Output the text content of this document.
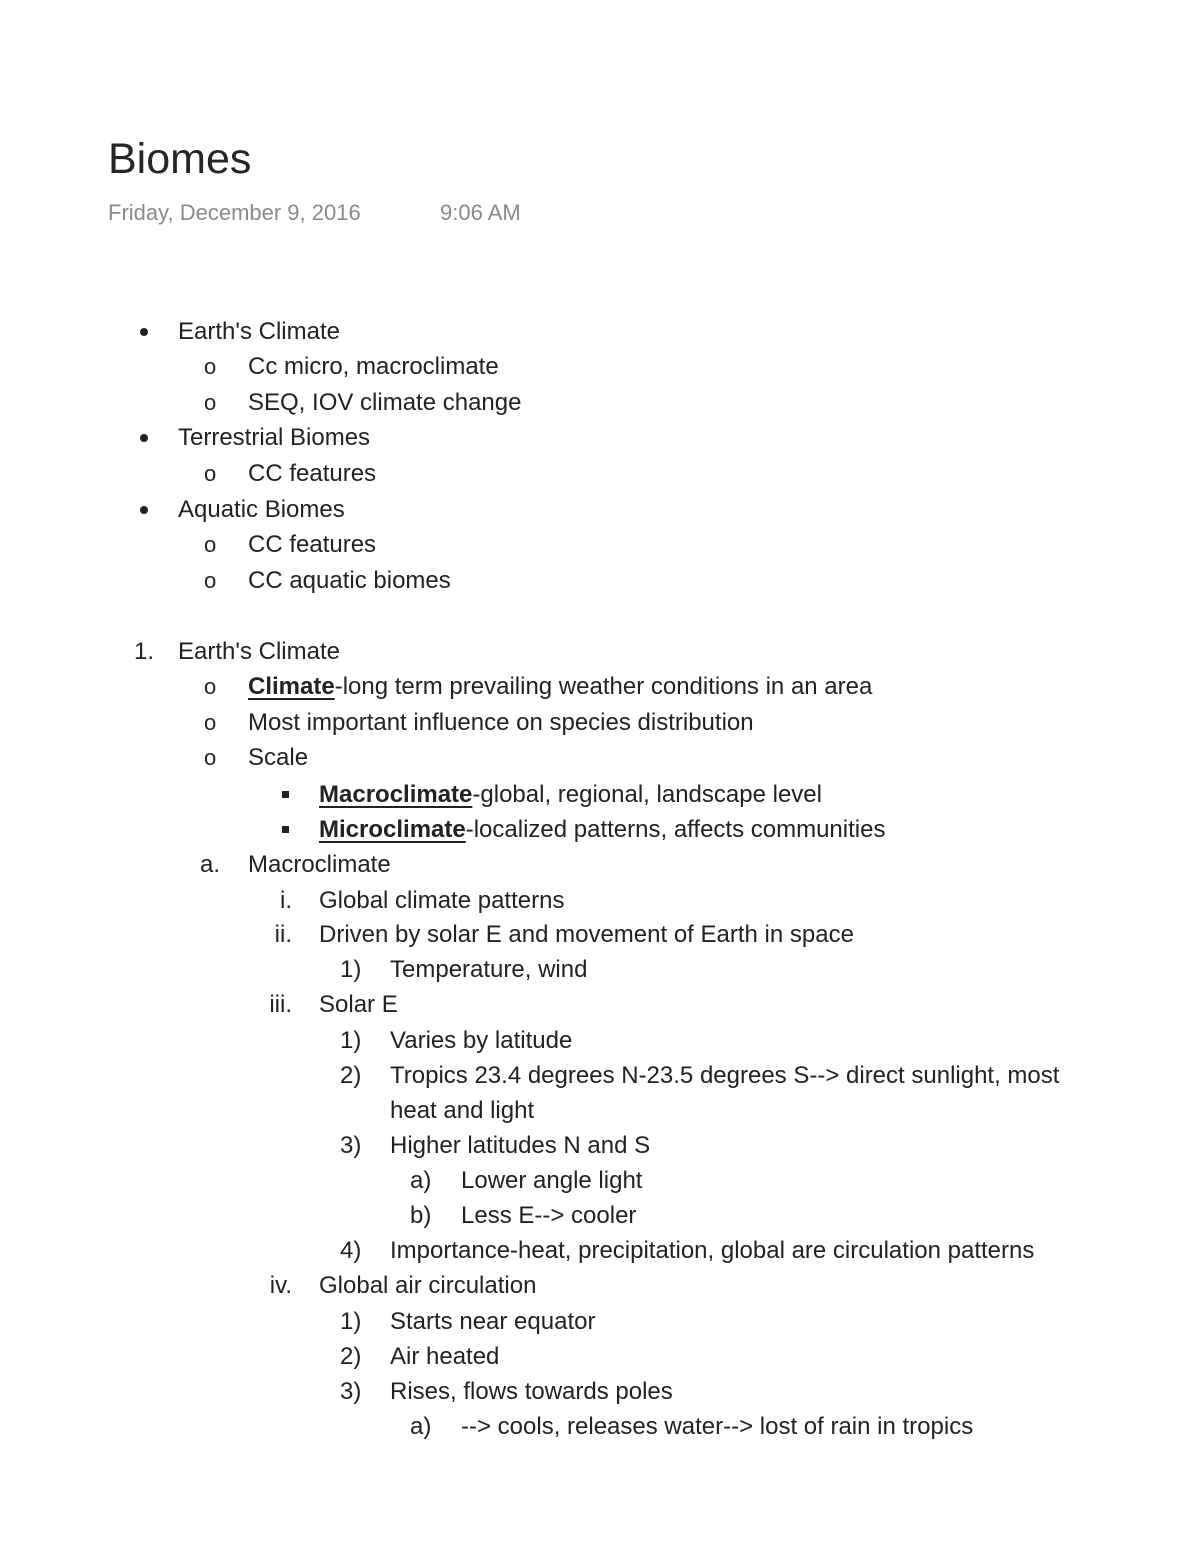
Biomes
Friday, December 9, 2016	9:06 AM
Earth's Climate
o Cc micro, macroclimate
o SEQ, IOV climate change
Terrestrial Biomes
o CC features
Aquatic Biomes
o CC features
o CC aquatic biomes
1. Earth's Climate
o Climate-long term prevailing weather conditions in an area
o Most important influence on species distribution
o Scale
Macroclimate-global, regional, landscape level
Microclimate-localized patterns, affects communities
a. Macroclimate
i. Global climate patterns
ii. Driven by solar E and movement of Earth in space
1) Temperature, wind
iii. Solar E
1) Varies by latitude
2) Tropics 23.4 degrees N-23.5 degrees S--> direct sunlight, most
heat and light
3) Higher latitudes N and S
a) Lower angle light
b) Less E--> cooler
4) Importance-heat, precipitation, global are circulation patterns
iv. Global air circulation
1) Starts near equator
2) Air heated
3) Rises, flows towards poles
a) --> cools, releases water--> lost of rain in tropics
